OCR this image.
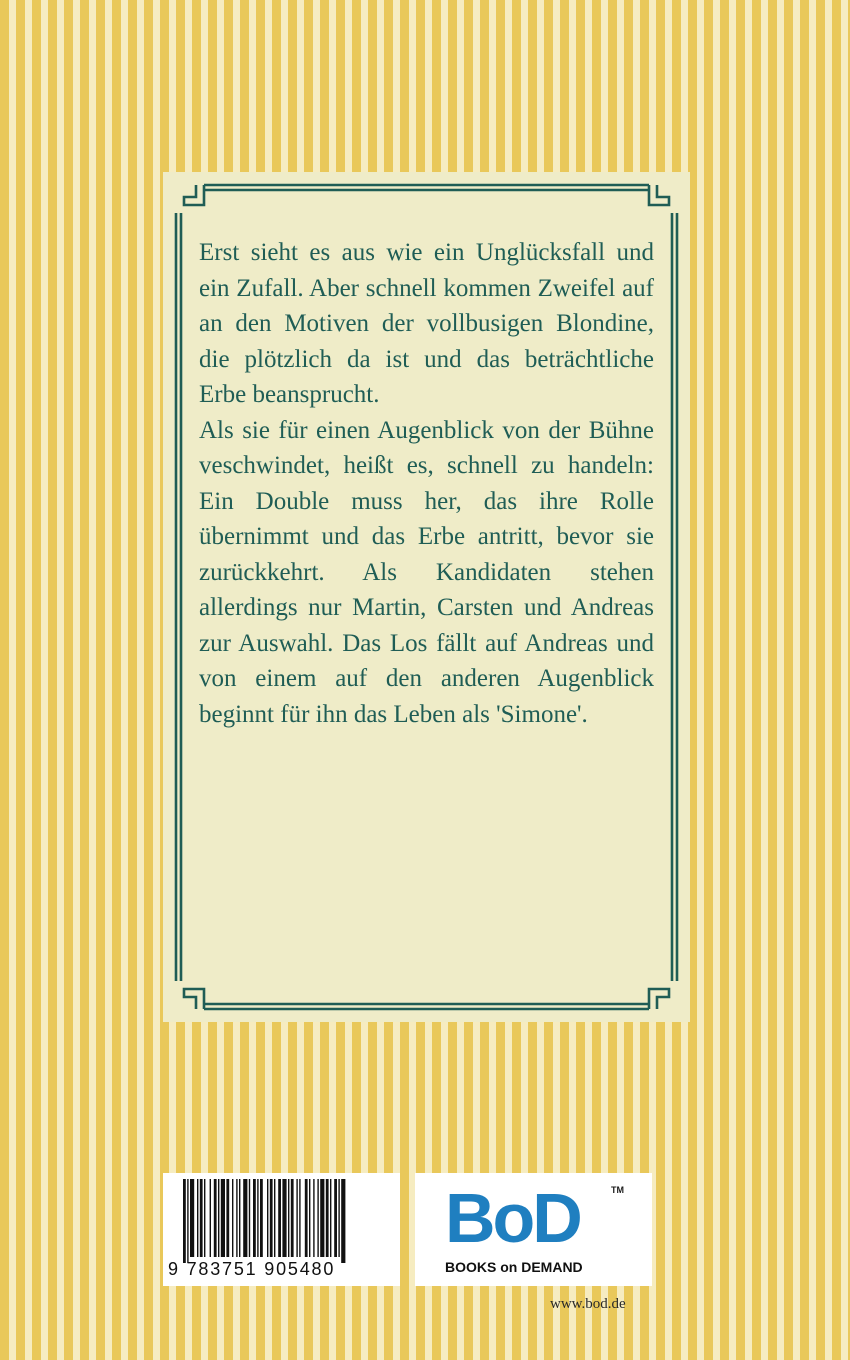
Erst sieht es aus wie ein Unglücksfall und ein Zufall. Aber schnell kommen Zweifel auf an den Motiven der vollbusigen Blondine, die plötzlich da ist und das beträchtliche Erbe beansprucht.

Als sie für einen Augenblick von der Bühne veschwindet, heißt es, schnell zu handeln: Ein Double muss her, das ihre Rolle übernimmt und das Erbe antritt, bevor sie zurückkehrt. Als Kandidaten stehen allerdings nur Martin, Carsten und Andreas zur Auswahl. Das Los fällt auf Andreas und von einem auf den anderen Augenblick beginnt für ihn das Leben als 'Simone'.

9 783751 905480
BoD	TM
BOOKS on DEMAND
www.bod.de
